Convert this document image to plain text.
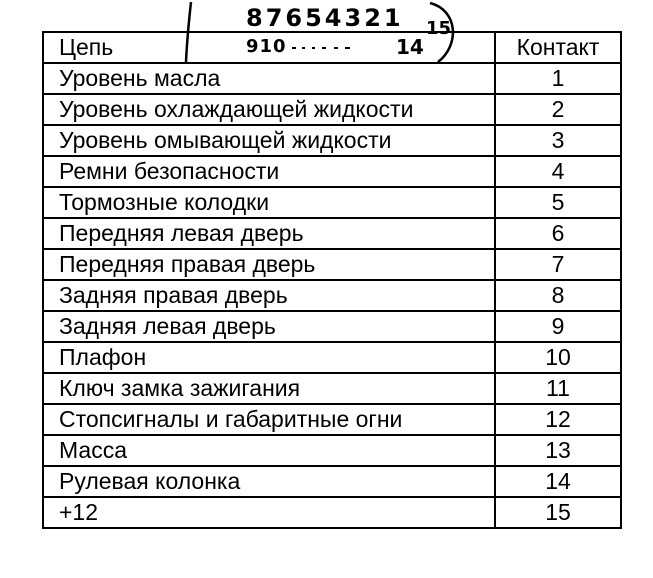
87654321
910	14
15
Цепь	Контакт
Уровень масла	1
Уровень охлаждающей жидкости	2
Уровень омывающей жидкости	3
Ремни безопасности	4
Тормозные колодки	5
Передняя левая дверь	6
Передняя правая дверь	7
Задняя правая дверь	8
Задняя левая дверь	9
Плафон	10
Ключ замка зажигания	11
Стопсигналы и габаритные огни	12
Масса	13
Рулевая колонка	14
+12	15
